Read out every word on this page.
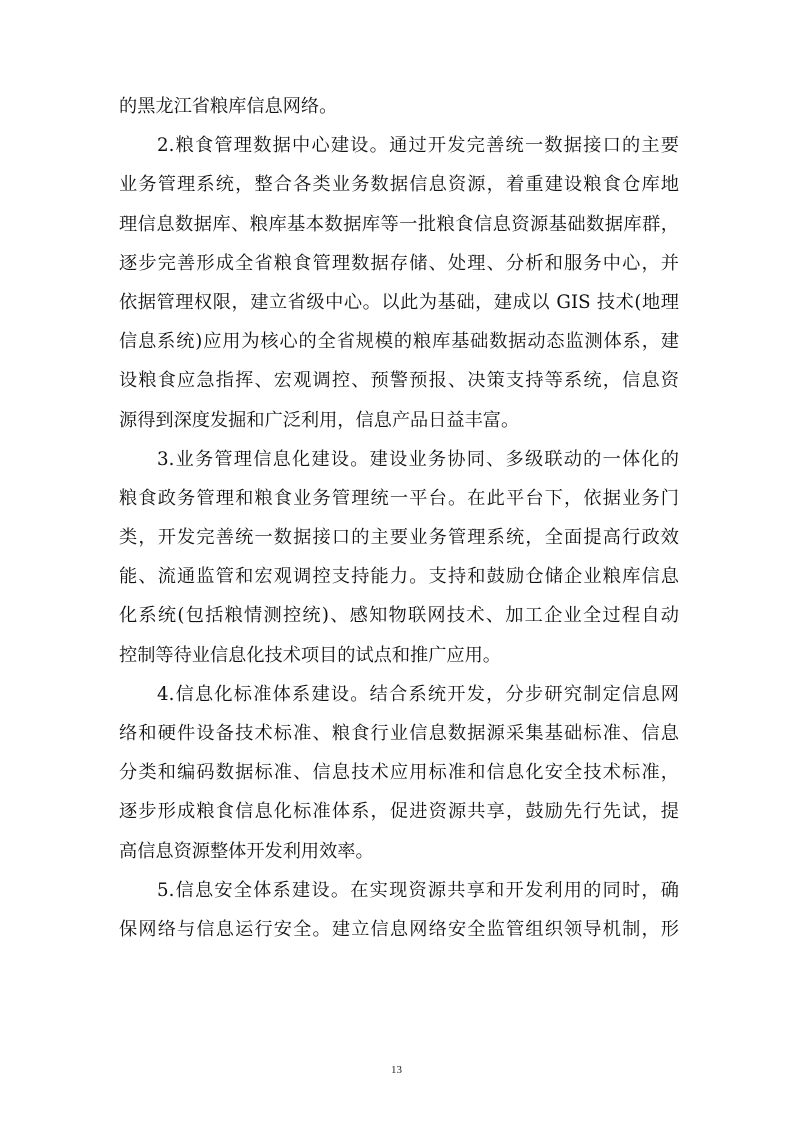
的黑龙江省粮库信息网络。
2.粮食管理数据中心建设。通过开发完善统一数据接口的主要
业务管理系统，整合各类业务数据信息资源，着重建设粮食仓库地
理信息数据库、粮库基本数据库等一批粮食信息资源基础数据库群，
逐步完善形成全省粮食管理数据存储、处理、分析和服务中心，并
依据管理权限，建立省级中心。以此为基础，建成以 GIS 技术(地理
信息系统)应用为核心的全省规模的粮库基础数据动态监测体系，建
设粮食应急指挥、宏观调控、预警预报、决策支持等系统，信息资
源得到深度发掘和广泛利用，信息产品日益丰富。
3.业务管理信息化建设。建设业务协同、多级联动的一体化的
粮食政务管理和粮食业务管理统一平台。在此平台下，依据业务门
类，开发完善统一数据接口的主要业务管理系统，全面提高行政效
能、流通监管和宏观调控支持能力。支持和鼓励仓储企业粮库信息
化系统(包括粮情测控统)、感知物联网技术、加工企业全过程自动
控制等待业信息化技术项目的试点和推广应用。
4.信息化标准体系建设。结合系统开发，分步研究制定信息网
络和硬件设备技术标准、粮食行业信息数据源采集基础标准、信息
分类和编码数据标准、信息技术应用标准和信息化安全技术标准，
逐步形成粮食信息化标准体系，促进资源共享，鼓励先行先试，提
高信息资源整体开发利用效率。
5.信息安全体系建设。在实现资源共享和开发利用的同时，确
保网络与信息运行安全。建立信息网络安全监管组织领导机制，形
13
